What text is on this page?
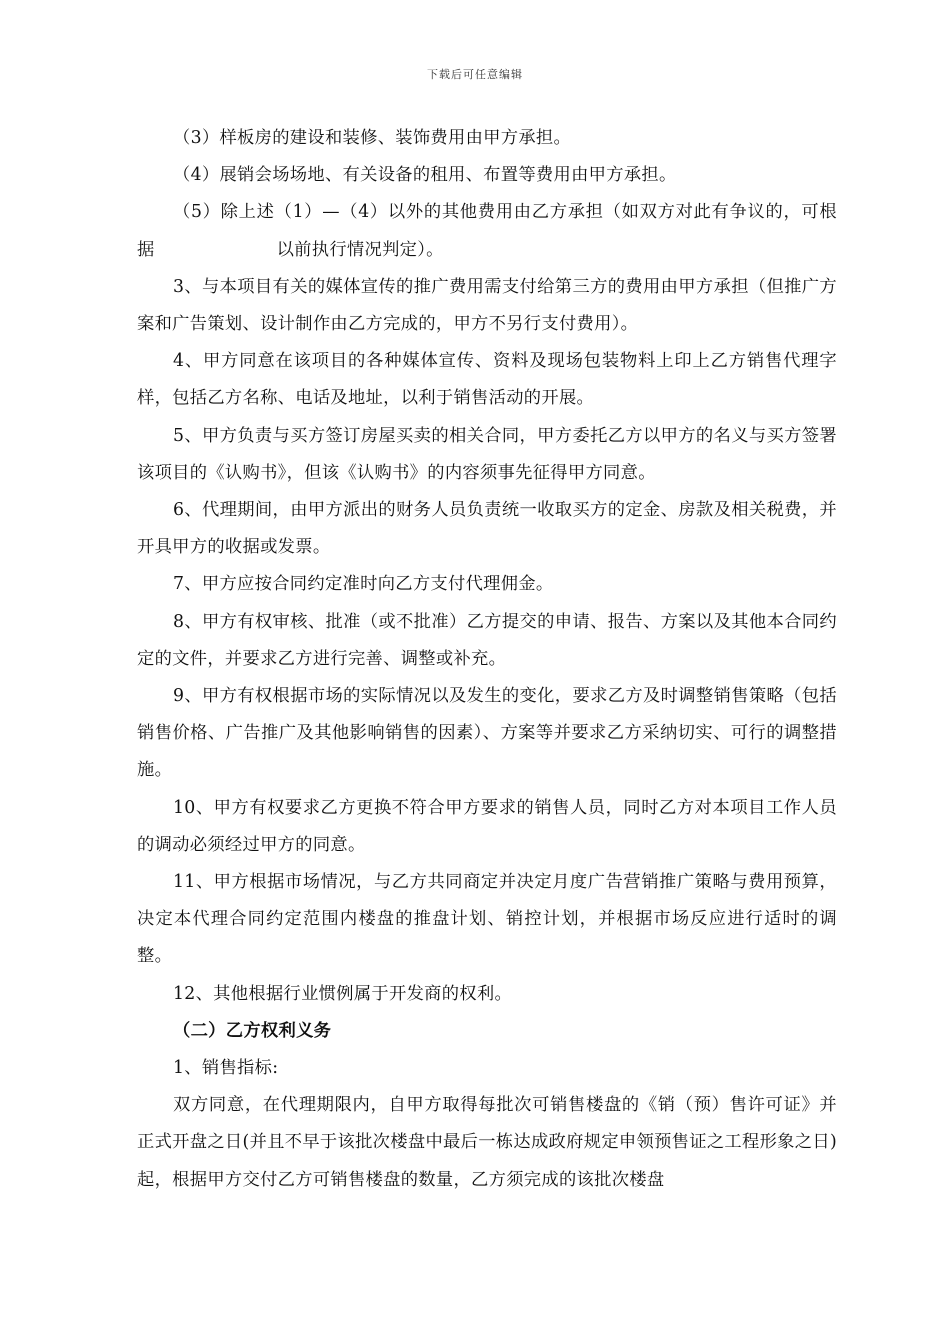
下载后可任意编辑

（3）样板房的建设和装修、装饰费用由甲方承担。

（4）展销会场场地、有关设备的租用、布置等费用由甲方承担。

（5）除上述（1）—（4）以外的其他费用由乙方承担（如双方对此有争议的，可根据	以前执行情况判定）。

3、与本项目有关的媒体宣传的推广费用需支付给第三方的费用由甲方承担（但推广方案和广告策划、设计制作由乙方完成的，甲方不另行支付费用）。

4、甲方同意在该项目的各种媒体宣传、资料及现场包装物料上印上乙方销售代理字样，包括乙方名称、电话及地址，以利于销售活动的开展。

5、甲方负责与买方签订房屋买卖的相关合同，甲方委托乙方以甲方的名义与买方签署该项目的《认购书》，但该《认购书》的内容须事先征得甲方同意。

6、代理期间，由甲方派出的财务人员负责统一收取买方的定金、房款及相关税费，并开具甲方的收据或发票。

7、甲方应按合同约定准时向乙方支付代理佣金。

8、甲方有权审核、批准（或不批准）乙方提交的申请、报告、方案以及其他本合同约定的文件，并要求乙方进行完善、调整或补充。

9、甲方有权根据市场的实际情况以及发生的变化，要求乙方及时调整销售策略（包括销售价格、广告推广及其他影响销售的因素）、方案等并要求乙方采纳切实、可行的调整措施。

10、甲方有权要求乙方更换不符合甲方要求的销售人员，同时乙方对本项目工作人员的调动必须经过甲方的同意。

11、甲方根据市场情况，与乙方共同商定并决定月度广告营销推广策略与费用预算，决定本代理合同约定范围内楼盘的推盘计划、销控计划，并根据市场反应进行适时的调整。

12、其他根据行业惯例属于开发商的权利。

（二）乙方权利义务

1、销售指标:

双方同意，在代理期限内，自甲方取得每批次可销售楼盘的《销（预）售许可证》并正式开盘之日(并且不早于该批次楼盘中最后一栋达成政府规定申领预售证之工程形象之日)起，根据甲方交付乙方可销售楼盘的数量，乙方须完成的该批次楼盘
